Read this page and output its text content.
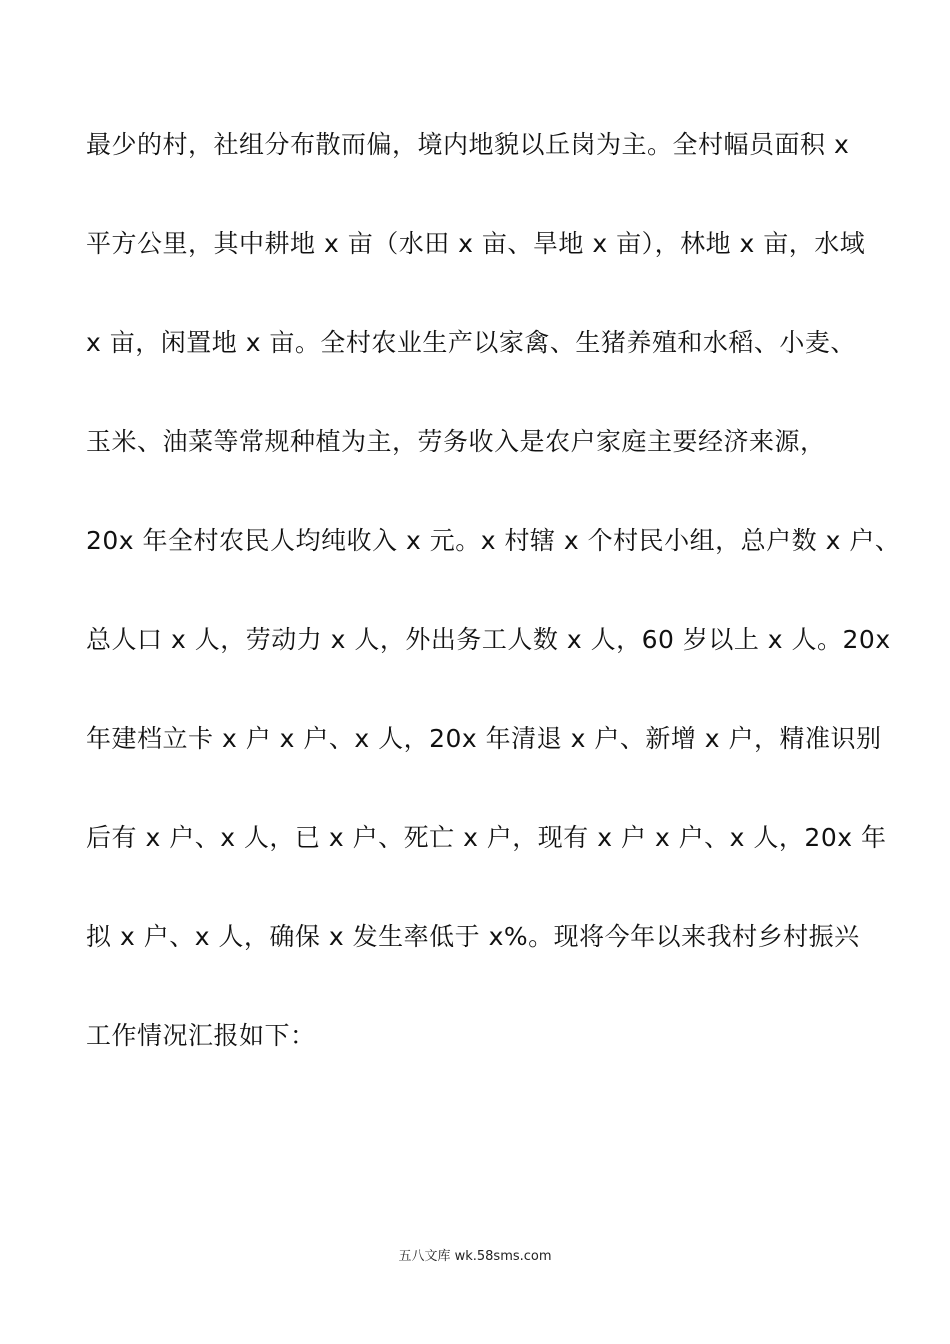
最少的村，社组分布散而偏，境内地貌以丘岗为主。全村幅员面积 x
平方公里，其中耕地 x 亩（水田 x 亩、旱地 x 亩），林地 x 亩，水域
x 亩，闲置地 x 亩。全村农业生产以家禽、生猪养殖和水稻、小麦、
玉米、油菜等常规种植为主，劳务收入是农户家庭主要经济来源，
20x 年全村农民人均纯收入 x 元。x 村辖 x 个村民小组，总户数 x 户、
总人口 x 人，劳动力 x 人，外出务工人数 x 人，60 岁以上 x 人。20x
年建档立卡 x 户 x 户、x 人，20x 年清退 x 户、新增 x 户，精准识别
后有 x 户、x 人，已 x 户、死亡 x 户，现有 x 户 x 户、x 人，20x 年
拟 x 户、x 人，确保 x 发生率低于 x%。现将今年以来我村乡村振兴
工作情况汇报如下：
五八文库 wk.58sms.com
